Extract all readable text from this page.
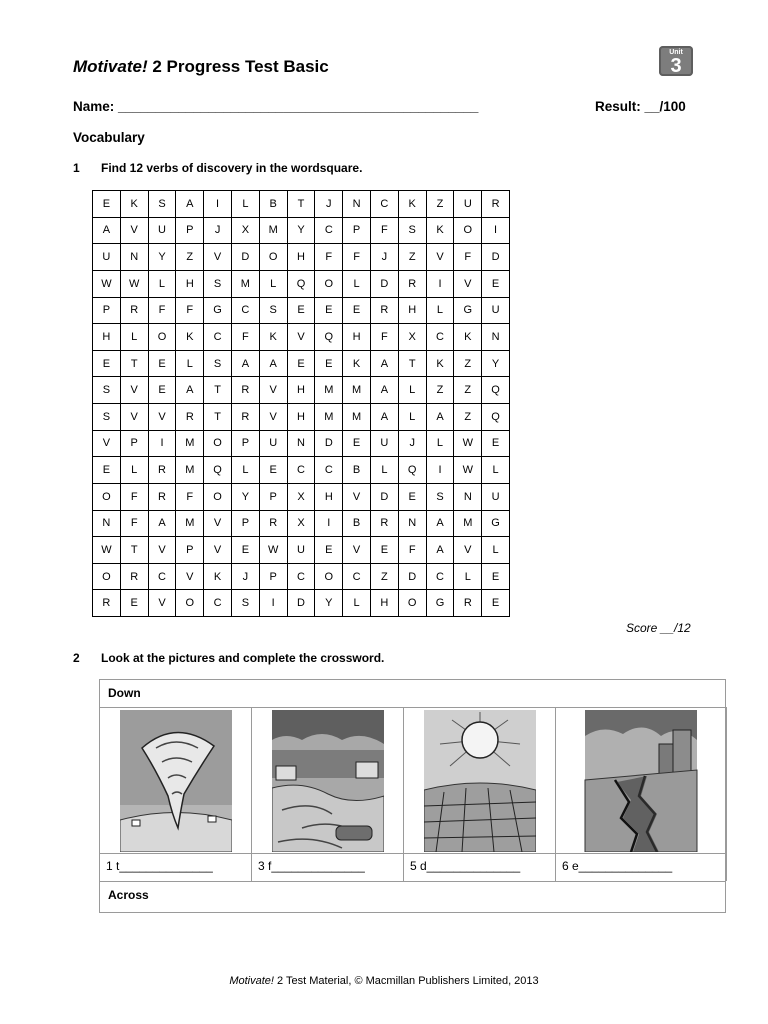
Motivate! 2 Progress Test Basic
Unit
3
Name: ________________________________________________	Result: __/100
Vocabulary
1 Find 12 verbs of discovery in the wordsquare.
E	K	S	A	I	L	B	T	J	N	C	K	Z	U	R
A	V	U	P	J	X	M	Y	C	P	F	S	K	O	I
U	N	Y	Z	V	D	O	H	F	F	J	Z	V	F	D
W	W	L	H	S	M	L	Q	O	L	D	R	I	V	E
P	R	F	F	G	C	S	E	E	E	R	H	L	G	U
H	L	O	K	C	F	K	V	Q	H	F	X	C	K	N
E	T	E	L	S	A	A	E	E	K	A	T	K	Z	Y
S	V	E	A	T	R	V	H	M	M	A	L	Z	Z	Q
S	V	V	R	T	R	V	H	M	M	A	L	A	Z	Q
V	P	I	M	O	P	U	N	D	E	U	J	L	W	E
E	L	R	M	Q	L	E	C	C	B	L	Q	I	W	L
O	F	R	F	O	Y	P	X	H	V	D	E	S	N	U
N	F	A	M	V	P	R	X	I	B	R	N	A	M	G
W	T	V	P	V	E	W	U	E	V	E	F	A	V	L
O	R	C	V	K	J	P	C	O	C	Z	D	C	L	E
R	E	V	O	C	S	I	D	Y	L	H	O	G	R	E
Score __/12
2 Look at the pictures and complete the crossword.
Down
1 t______________	3 f______________	5 d______________	6 e______________
Across
Motivate! 2 Test Material, © Macmillan Publishers Limited, 2013
